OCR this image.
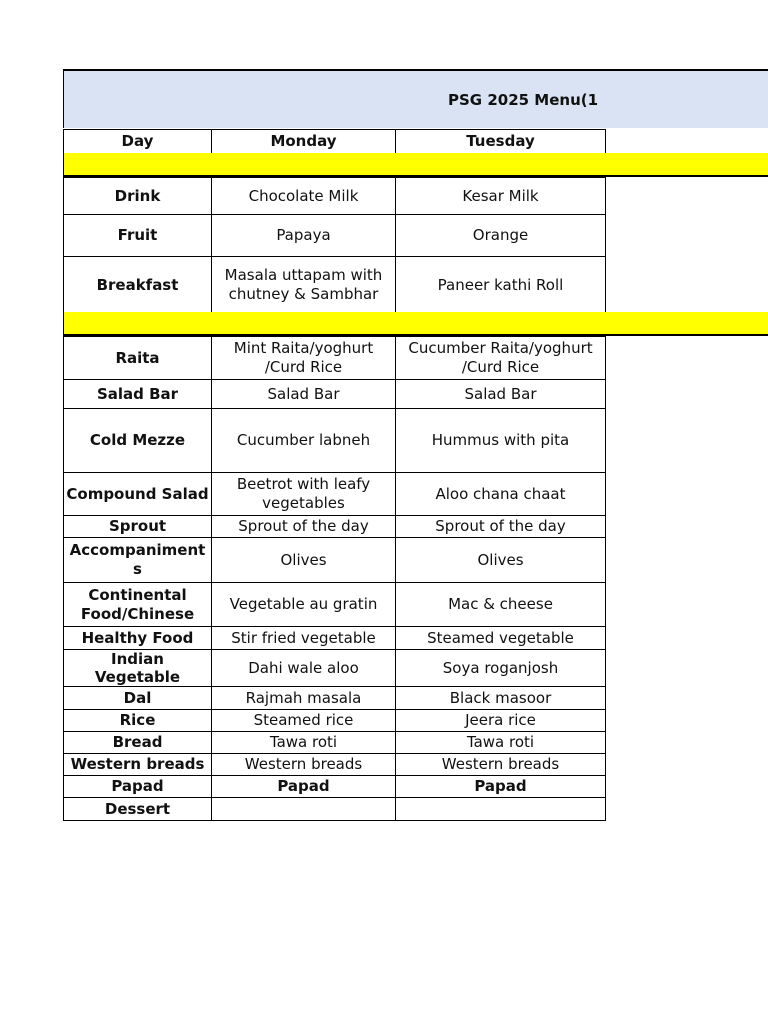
PSG 2025 Menu(1
Day	Monday	Tuesday

Drink	Chocolate Milk	Kesar Milk
Fruit	Papaya	Orange
Breakfast	Masala uttapam with chutney & Sambhar	Paneer kathi Roll

Raita	Mint Raita/yoghurt /Curd Rice	Cucumber Raita/yoghurt /Curd Rice
Salad Bar	Salad Bar	Salad Bar
Cold Mezze	Cucumber labneh	Hummus with pita
Compound Salad	Beetrot with leafy vegetables	Aloo chana chaat
Sprout	Sprout of the day	Sprout of the day
Accompaniments	Olives	Olives
Continental Food/Chinese	Vegetable au gratin	Mac & cheese
Healthy Food	Stir fried vegetable	Steamed vegetable
Indian Vegetable	Dahi wale aloo	Soya roganjosh
Dal	Rajmah masala	Black masoor
Rice	Steamed rice	Jeera rice
Bread	Tawa roti	Tawa roti
Western breads	Western breads	Western breads
Papad	Papad	Papad
Dessert		
